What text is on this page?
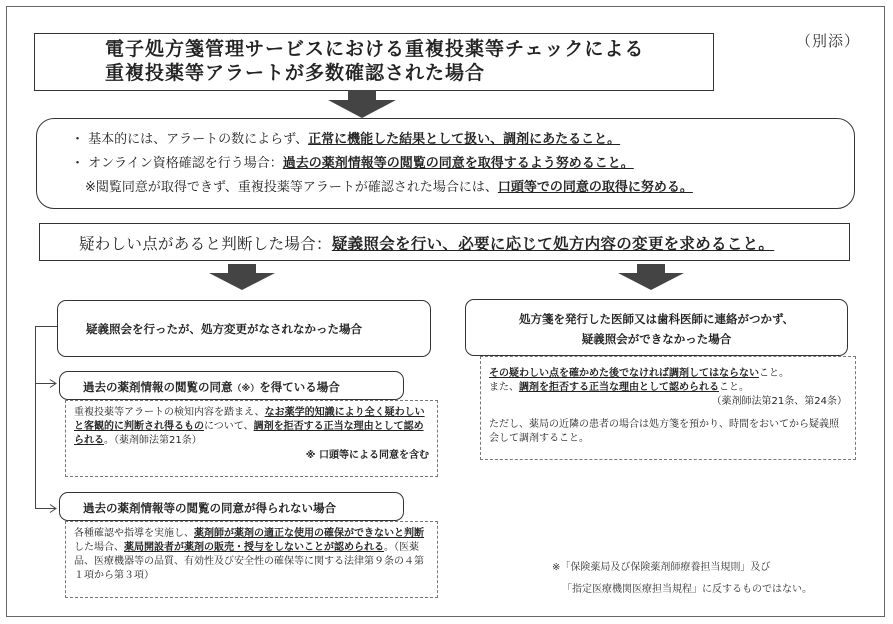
電子処方箋管理サービスにおける重複投薬等チェックによる
重複投薬等アラートが多数確認された場合
（別添）
・ 基本的には、アラートの数によらず、正常に機能した結果として扱い、調剤にあたること。
・ オンライン資格確認を行う場合：過去の薬剤情報等の閲覧の同意を取得するよう努めること。
※閲覧同意が取得できず、重複投薬等アラートが確認された場合には、口頭等での同意の取得に努める。
疑わしい点があると判断した場合：疑義照会を行い、必要に応じて処方内容の変更を求めること。
疑義照会を行ったが、処方変更がなされなかった場合
過去の薬剤情報の閲覧の同意（※）を得ている場合
重複投薬等アラートの検知内容を踏まえ、なお薬学的知識により全く疑わしいと客観的に判断され得るものについて、調剤を拒否する正当な理由として認められる。（薬剤師法第21条）
※ 口頭等による同意を含む
過去の薬剤情報等の閲覧の同意が得られない場合
各種確認や指導を実施し、薬剤師が薬剤の適正な使用の確保ができないと判断した場合、薬局開設者が薬剤の販売・授与をしないことが認められる。（医薬品、医療機器等の品質、有効性及び安全性の確保等に関する法律第９条の４第１項から第３項）
処方箋を発行した医師又は歯科医師に連絡がつかず、
疑義照会ができなかった場合
その疑わしい点を確かめた後でなければ調剤してはならないこと。
また、調剤を拒否する正当な理由として認められること。
（薬剤師法第21条、第24条）
ただし、薬局の近隣の患者の場合は処方箋を預かり、時間をおいてから疑義照会して調剤すること。
※「保険薬局及び保険薬剤師療養担当規則」及び
「指定医療機関医療担当規程」に反するものではない。
